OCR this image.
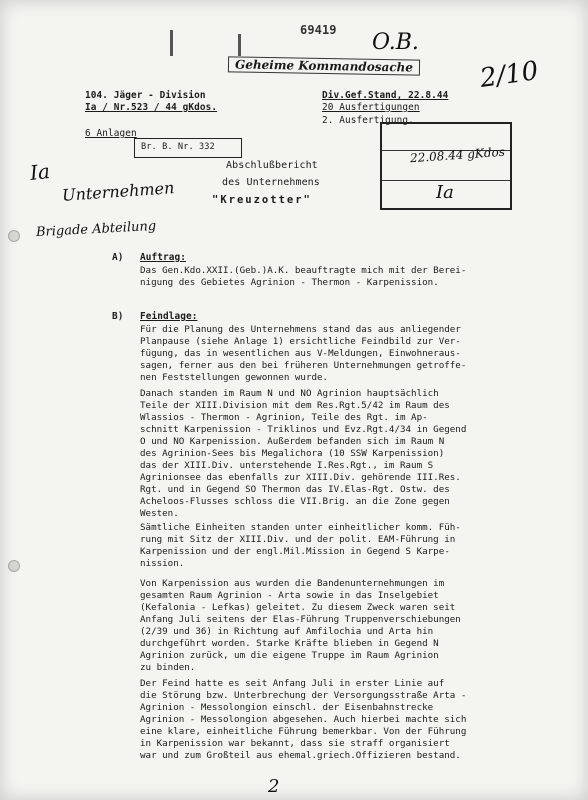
69419
Geheime Kommandosache
O.B.
2/10
104. Jäger - Division
Ia / Nr.523 / 44 gKdos.
Div.Gef.Stand, 22.8.44
20 Ausfertigungen
2. Ausfertigung.
6 Anlagen
Br. B. Nr. 332	22.08.44 gKdos
Ia
Abschlußbericht
des Unternehmens
"Kreuzotter"
Ia
Unternehmen
Brigade Abteilung
A) Auftrag:
Das Gen.Kdo.XXII.(Geb.)A.K. beauftragte mich mit der Berei-
nigung des Gebietes Agrinion - Thermon - Karpenission.
B) Feindlage:
Für die Planung des Unternehmens stand das aus anliegender
Planpause (siehe Anlage 1) ersichtliche Feindbild zur Ver-
fügung, das in wesentlichen aus V-Meldungen, Einwohneraus-
sagen, ferner aus den bei früheren Unternehmungen getroffe-
nen Feststellungen gewonnen wurde.
Danach standen im Raum N und NO Agrinion hauptsächlich
Teile der XIII.Division mit dem Res.Rgt.5/42 im Raum des
Wlassios - Thermon - Agrinion, Teile des Rgt. im Ap-
schnitt Karpenission - Triklinos und Evz.Rgt.4/34 in Gegend
O und NO Karpenission. Außerdem befanden sich im Raum N
des Agrinion-Sees bis Megalichora (10 SSW Karpenission)
das der XIII.Div. unterstehende I.Res.Rgt., im Raum S
Agrinionsee das ebenfalls zur XIII.Div. gehörende III.Res.
Rgt. und in Gegend SO Thermon das IV.Elas-Rgt. Ostw. des
Acheloos-Flusses schloss die VII.Brig. an die Zone gegen
Westen.
Sämtliche Einheiten standen unter einheitlicher komm. Füh-
rung mit Sitz der XIII.Div. und der polit. EAM-Führung in
Karpenission und der engl.Mil.Mission in Gegend S Karpe-
nission.
Von Karpenission aus wurden die Bandenunternehmungen im
gesamten Raum Agrinion - Arta sowie in das Inselgebiet
(Kefalonia - Lefkas) geleitet. Zu diesem Zweck waren seit
Anfang Juli seitens der Elas-Führung Truppenverschiebungen
(2/39 und 36) in Richtung auf Amfilochia und Arta hin
durchgeführt worden. Starke Kräfte blieben in Gegend N
Agrinion zurück, um die eigene Truppe im Raum Agrinion
zu binden.
Der Feind hatte es seit Anfang Juli in erster Linie auf
die Störung bzw. Unterbrechung der Versorgungsstraße Arta -
Agrinion - Messolongion einschl. der Eisenbahnstrecke
Agrinion - Messolongion abgesehen. Auch hierbei machte sich
eine klare, einheitliche Führung bemerkbar. Von der Führung
in Karpenission war bekannt, dass sie straff organisiert
war und zum Großteil aus ehemal.griech.Offizieren bestand.
2
